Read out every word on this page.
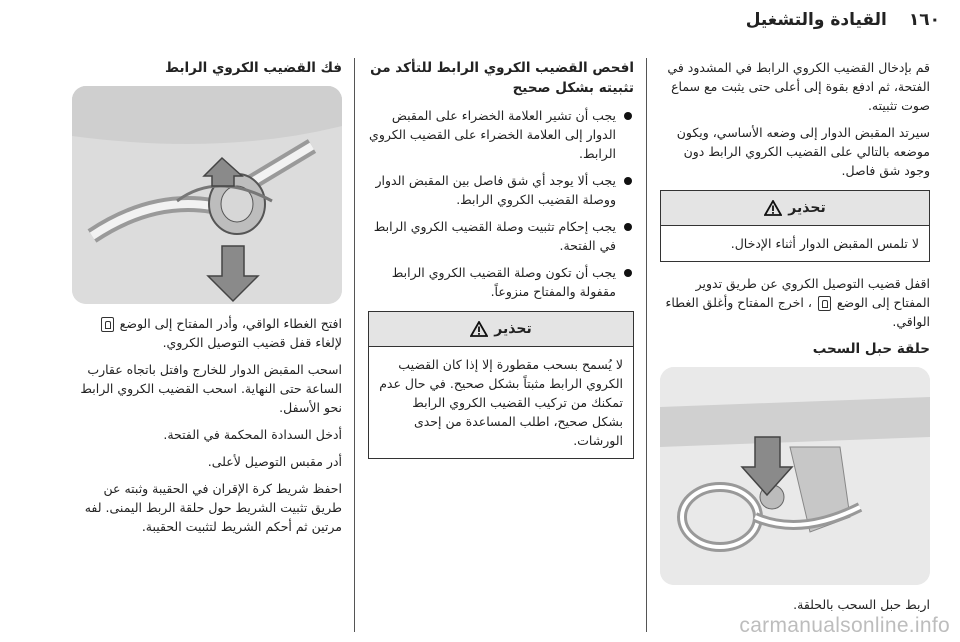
١٦٠
القيادة والتشغيل

قم بإدخال القضيب الكروي الرابط في المشدود في الفتحة، ثم ادفع بقوة إلى أعلى حتى يثبت مع سماع صوت تثبيته.

سيرتد المقبض الدوار إلى وضعه الأساسي، ويكون موضعه بالتالي على القضيب الكروي الرابط دون وجود شق فاصل.

تحذير
لا تلمس المقبض الدوار أثناء الإدخال.

اقفل قضيب التوصيل الكروي عن طريق تدوير المفتاح إلى الوضع  ، اخرج المفتاح وأغلق الغطاء الواقي.

حلقة حبل السحب

اربط حبل السحب بالحلقة.

افحص القضيب الكروي الرابط للتأكد من تثبيته بشكل صحيح
يجب أن تشير العلامة الخضراء على المقبض الدوار إلى العلامة الخضراء على القضيب الكروي الرابط.
يجب ألا يوجد أي شق فاصل بين المقبض الدوار ووصلة القضيب الكروي الرابط.
يجب إحكام تثبيت وصلة القضيب الكروي الرابط في الفتحة.
يجب أن تكون وصلة القضيب الكروي الرابط مقفولة والمفتاح منزوعاً.
تحذير
لا يُسمح بسحب مقطورة إلا إذا كان القضيب الكروي الرابط مثبتاً بشكل صحيح. في حال عدم تمكنك من تركيب القضيب الكروي الرابط بشكل صحيح، اطلب المساعدة من إحدى الورشات.
فك القضيب الكروي الرابط

افتح الغطاء الواقي، وأدر المفتاح إلى الوضع  لإلغاء قفل قضيب التوصيل الكروي.

اسحب المقبض الدوار للخارج وافتل باتجاه عقارب الساعة حتى النهاية. اسحب القضيب الكروي الرابط نحو الأسفل.

أدخل السدادة المحكمة في الفتحة.

أدر مقبس التوصيل لأعلى.

احفظ شريط كرة الإقران في الحقيبة وثبته عن طريق تثبيت الشريط حول حلقة الربط اليمنى. لفه مرتين ثم أحكم الشريط لتثبيت الحقيبة.

carmanualsonline.info
